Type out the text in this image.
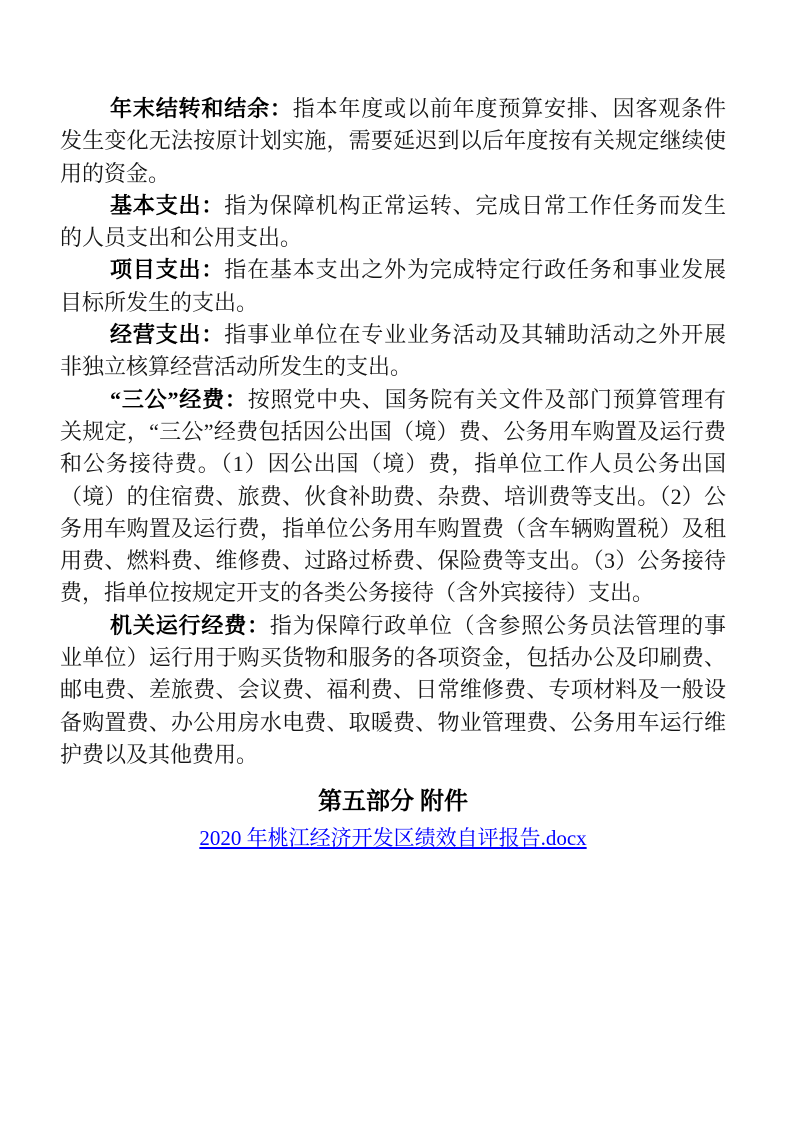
年末结转和结余：指本年度或以前年度预算安排、因客观条件发生变化无法按原计划实施，需要延迟到以后年度按有关规定继续使用的资金。

基本支出：指为保障机构正常运转、完成日常工作任务而发生的人员支出和公用支出。

项目支出：指在基本支出之外为完成特定行政任务和事业发展目标所发生的支出。

经营支出：指事业单位在专业业务活动及其辅助活动之外开展非独立核算经营活动所发生的支出。

“三公”经费：按照党中央、国务院有关文件及部门预算管理有关规定，“三公”经费包括因公出国（境）费、公务用车购置及运行费和公务接待费。（1）因公出国（境）费，指单位工作人员公务出国（境）的住宿费、旅费、伙食补助费、杂费、培训费等支出。（2）公务用车购置及运行费，指单位公务用车购置费（含车辆购置税）及租用费、燃料费、维修费、过路过桥费、保险费等支出。（3）公务接待费，指单位按规定开支的各类公务接待（含外宾接待）支出。

机关运行经费：指为保障行政单位（含参照公务员法管理的事业单位）运行用于购买货物和服务的各项资金，包括办公及印刷费、邮电费、差旅费、会议费、福利费、日常维修费、专项材料及一般设备购置费、办公用房水电费、取暖费、物业管理费、公务用车运行维护费以及其他费用。

第五部分 附件

2020 年桃江经济开发区绩效自评报告.docx
